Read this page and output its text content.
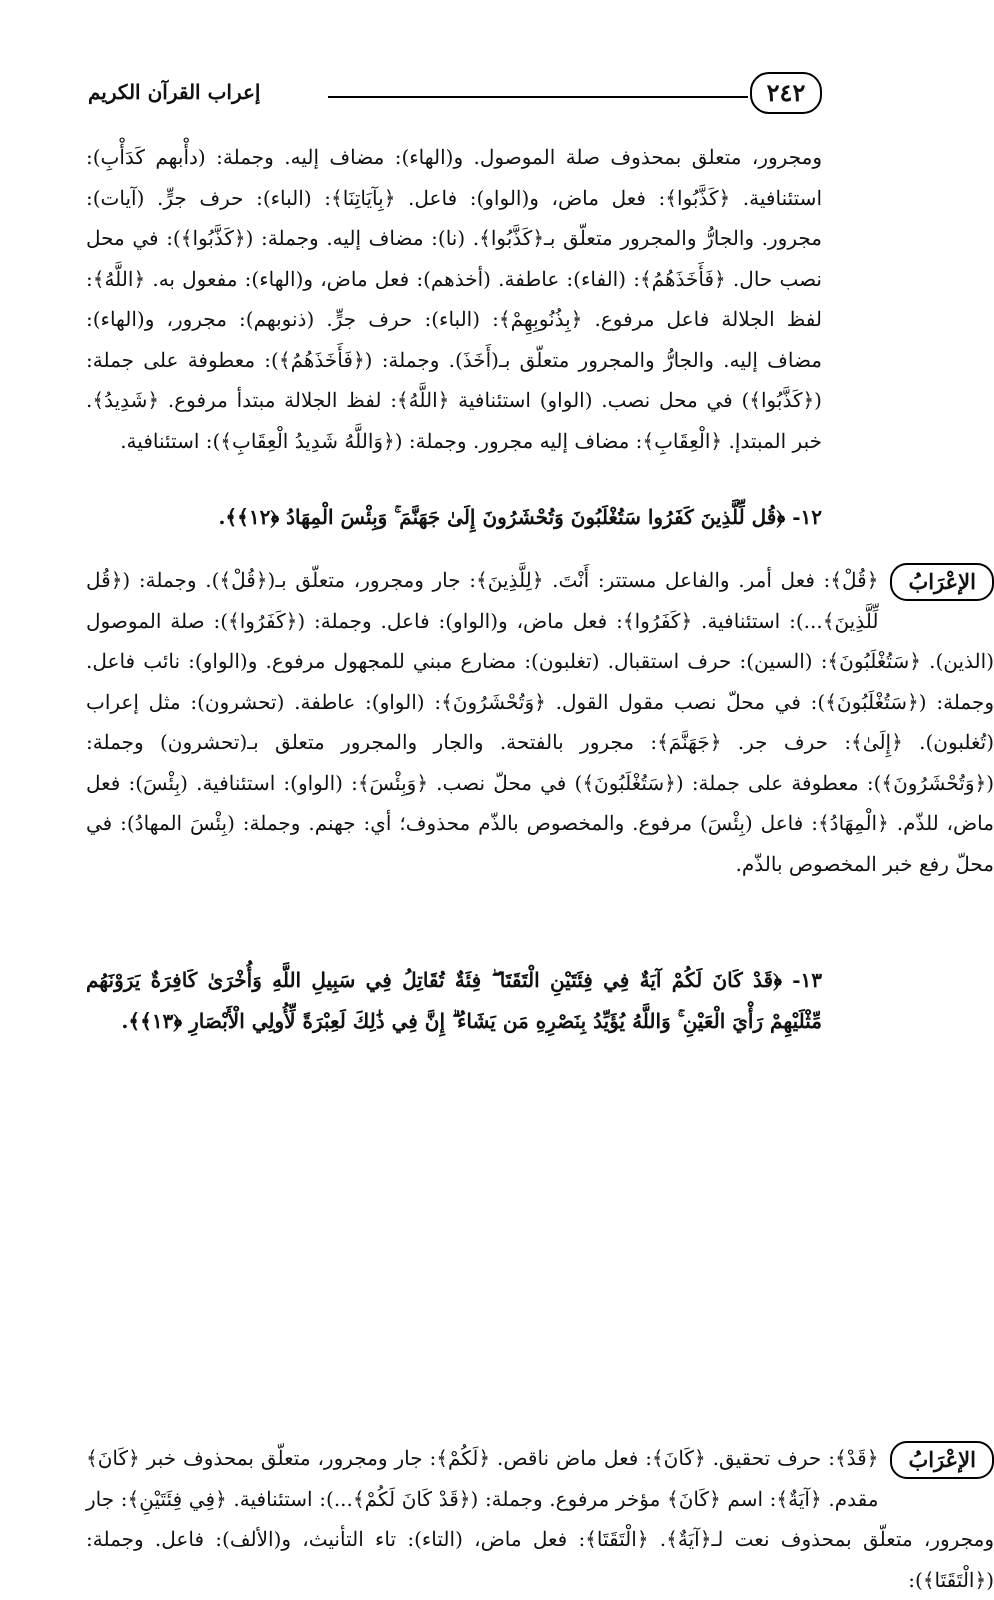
إعراب القرآن الكريم	٢٤٢

ومجرور، متعلق بمحذوف صلة الموصول. و(الهاء): مضاف إليه. وجملة: (دأْبهم كَدَأْبِ): استئنافية. ﴿كَذَّبُوا﴾: فعل ماض، و(الواو): فاعل. ﴿بِآيَاتِنَا﴾: (الباء): حرف جرٍّ. (آيات): مجرور. والجارُّ والمجرور متعلّق بـ﴿كَذَّبُوا﴾. (نا): مضاف إليه. وجملة: (﴿كَذَّبُوا﴾): في محل نصب حال. ﴿فَأَخَذَهُمُ﴾: (الفاء): عاطفة. (أخذهم): فعل ماض، و(الهاء): مفعول به. ﴿اللَّهُ﴾: لفظ الجلالة فاعل مرفوع. ﴿بِذُنُوبِهِمْ﴾: (الباء): حرف جرٍّ. (ذنوبهم): مجرور، و(الهاء): مضاف إليه. والجارُّ والمجرور متعلّق بـ(أَخَذَ). وجملة: (﴿فَأَخَذَهُمُ﴾): معطوفة على جملة: (﴿كَذَّبُوا﴾) في محل نصب. (الواو) استئنافية ﴿اللَّهُ﴾: لفظ الجلالة مبتدأ مرفوع. ﴿شَدِيدُ﴾. خبر المبتدإ. ﴿الْعِقَابِ﴾: مضاف إليه مجرور. وجملة: (﴿وَاللَّهُ شَدِيدُ الْعِقَابِ﴾): استئنافية.

١٢- ﴿قُل لِّلَّذِينَ كَفَرُوا سَتُغْلَبُونَ وَتُحْشَرُونَ إِلَىٰ جَهَنَّمَ ۚ وَبِئْسَ الْمِهَادُ ﴿١٢﴾﴾.

الإعْرَابُ

﴿قُلْ﴾: فعل أمر. والفاعل مستتر: أَنْتَ. ﴿لِلَّذِينَ﴾: جار ومجرور، متعلّق بـ(﴿قُلْ﴾). وجملة: (﴿قُل لِّلَّذِينَ﴾...): استئنافية. ﴿كَفَرُوا﴾: فعل ماض، و(الواو): فاعل. وجملة: (﴿كَفَرُوا﴾): صلة الموصول (الذين). ﴿سَتُغْلَبُونَ﴾: (السين): حرف استقبال. (تغلبون): مضارع مبني للمجهول مرفوع. و(الواو): نائب فاعل. وجملة: (﴿سَتُغْلَبُونَ﴾): في محلّ نصب مقول القول. ﴿وَتُحْشَرُونَ﴾: (الواو): عاطفة. (تحشرون): مثل إعراب (تُغلبون). ﴿إِلَىٰ﴾: حرف جر. ﴿جَهَنَّمَ﴾: مجرور بالفتحة. والجار والمجرور متعلق بـ(تحشرون) وجملة: (﴿وَتُحْشَرُونَ﴾): معطوفة على جملة: (﴿سَتُغْلَبُونَ﴾) في محلّ نصب. ﴿وَبِئْسَ﴾: (الواو): استئنافية. (بِئْسَ): فعل ماض، للذّم. ﴿الْمِهَادُ﴾: فاعل (بِئْسَ) مرفوع. والمخصوص بالذّم محذوف؛ أي: جهنم. وجملة: (بِئْسَ المهادُ): في محلّ رفع خبر المخصوص بالذّم.

١٣- ﴿قَدْ كَانَ لَكُمْ آيَةٌ فِي فِئَتَيْنِ الْتَقَتَا ۖ فِئَةٌ تُقَاتِلُ فِي سَبِيلِ اللَّهِ وَأُخْرَىٰ كَافِرَةٌ يَرَوْنَهُم مِّثْلَيْهِمْ رَأْيَ الْعَيْنِ ۚ وَاللَّهُ يُؤَيِّدُ بِنَصْرِهِ مَن يَشَاءُ ۗ إِنَّ فِي ذَٰلِكَ لَعِبْرَةً لِّأُولِي الْأَبْصَارِ ﴿١٣﴾﴾.

الإعْرَابُ

﴿قَدْ﴾: حرف تحقيق. ﴿كَانَ﴾: فعل ماض ناقص. ﴿لَكُمْ﴾: جار ومجرور، متعلّق بمحذوف خبر ﴿كَانَ﴾ مقدم. ﴿آيَةٌ﴾: اسم ﴿كَانَ﴾ مؤخر مرفوع. وجملة: (﴿قَدْ كَانَ لَكُمْ﴾...): استئنافية. ﴿فِي فِئَتَيْنِ﴾: جار ومجرور، متعلّق بمحذوف نعت لـ﴿آيَةٌ﴾. ﴿الْتَقَتَا﴾: فعل ماض، (التاء): تاء التأنيث، و(الألف): فاعل. وجملة: (﴿الْتَقَتَا﴾):
